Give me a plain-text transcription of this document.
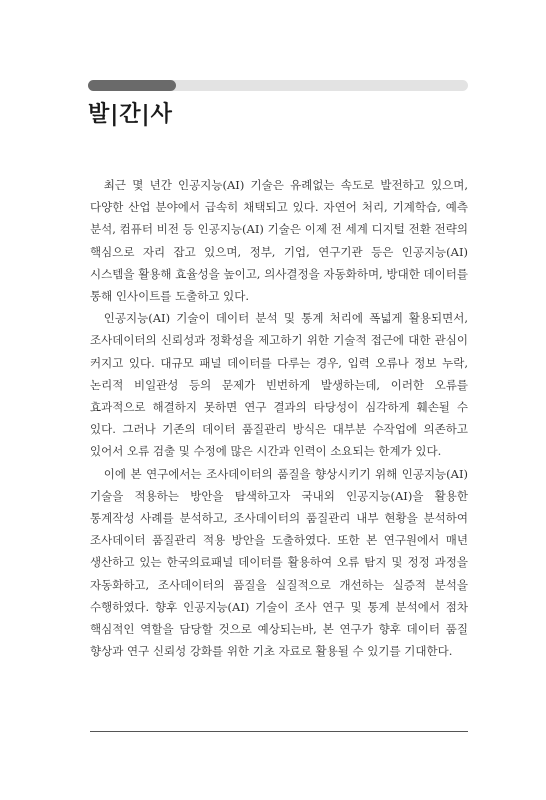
발|간|사

최근 몇 년간 인공지능(AI) 기술은 유례없는 속도로 발전하고 있으며, 다양한 산업 분야에서 급속히 채택되고 있다. 자연어 처리, 기계학습, 예측 분석, 컴퓨터 비전 등 인공지능(AI) 기술은 이제 전 세계 디지털 전환 전략의 핵심으로 자리 잡고 있으며, 정부, 기업, 연구기관 등은 인공지능(AI) 시스템을 활용해 효율성을 높이고, 의사결정을 자동화하며, 방대한 데이터를 통해 인사이트를 도출하고 있다.

인공지능(AI) 기술이 데이터 분석 및 통계 처리에 폭넓게 활용되면서, 조사데이터의 신뢰성과 정확성을 제고하기 위한 기술적 접근에 대한 관심이 커지고 있다. 대규모 패널 데이터를 다루는 경우, 입력 오류나 정보 누락, 논리적 비일관성 등의 문제가 빈번하게 발생하는데, 이러한 오류를 효과적으로 해결하지 못하면 연구 결과의 타당성이 심각하게 훼손될 수 있다. 그러나 기존의 데이터 품질관리 방식은 대부분 수작업에 의존하고 있어서 오류 검출 및 수정에 많은 시간과 인력이 소요되는 한계가 있다.

이에 본 연구에서는 조사데이터의 품질을 향상시키기 위해 인공지능(AI) 기술을 적용하는 방안을 탐색하고자 국내외 인공지능(AI)을 활용한 통계작성 사례를 분석하고, 조사데이터의 품질관리 내부 현황을 분석하여 조사데이터 품질관리 적용 방안을 도출하였다. 또한 본 연구원에서 매년 생산하고 있는 한국의료패널 데이터를 활용하여 오류 탐지 및 정정 과정을 자동화하고, 조사데이터의 품질을 실질적으로 개선하는 실증적 분석을 수행하였다. 향후 인공지능(AI) 기술이 조사 연구 및 통계 분석에서 점차 핵심적인 역할을 담당할 것으로 예상되는바, 본 연구가 향후 데이터 품질 향상과 연구 신뢰성 강화를 위한 기초 자료로 활용될 수 있기를 기대한다.
